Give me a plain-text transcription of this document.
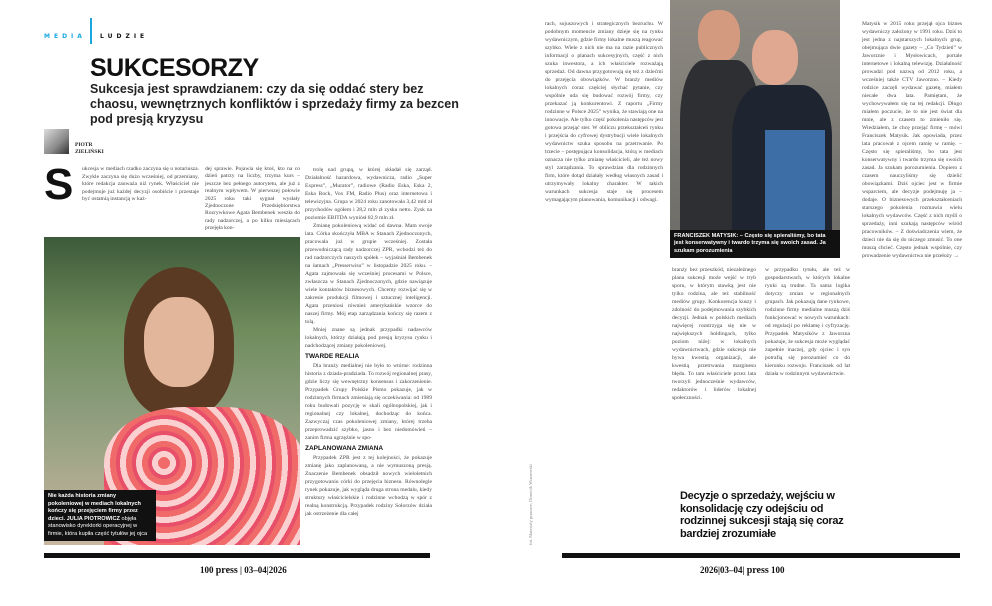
MEDIA LUDZIE
SUKCESORZY
Sukcesja jest sprawdzianem: czy da się oddać stery bez chaosu, wewnętrznych konfliktów i sprzedaży firmy za bezcen pod presją kryzysu
PIOTR
ZIELIŃSKI
S	ukcesja w mediach rzadko zaczyna się u notariusza. Zwykle zaczyna się dużo wcześniej, od przemiany, które redakcja zauważa niż rynek. Właściciel nie podejmuje już każdej decyzji osobiście i przestaje być ostatnią instancją w każ-
dej sprawie. Pojawia się ktoś, kto na co dzień patrzy na liczby, trzyma kurs – jeszcze bez pełnego autorytetu, ale już z realnym wpływem. W pierwszej połowie 2025 roku taki sygnał wysłały Zjednoczone Przedsiębiorstwa Rozrywkowe Agata Bembenek weszła do rady nadzorczej, a po kilku miesiącach przejęła kon-
Nie każda historia zmiany pokoleniowej w mediach lokalnych kończy się przejęciem firmy przez dzieci. JULIA PIOTROWICZ objęła stanowisko dyrektorki operacyjnej w firmie, która kupiła część tytułów jej ojca

trolę nad grupą, w której składał się zarząd. Działalność hazardowa, wydawnicza, radio „Super Express”, „Murator”, radiowe (Radio Eska, Eska 2, Eska Rock, Vox FM, Radio Plus) oraz internetowa i telewizyjna. Grupa w 2024 roku zanotowała 3,42 mld zł przychodów ogółem i 28,2 mln zł zysku netto. Zysk na poziomie EBITDA wyniósł 82,9 mln zł.

Zmianę pokoleniową widać od dawna. Mam swoje lata. Córka skończyła MBA w Stanach Zjednoczonych, pracowała już w grupie wcześniej. Została przewodniczącą rady nadzorczej ZPR, wchodzi też do rad nadzorczych naszych spółek – wyjaśniał Bembenek na łamach „Presserwisu” w listopadzie 2025 roku. – Agata zajmowała się wcześniej procesami w Polsce, zwłaszcza w Stanach Zjednoczonych, gdzie nawiązuje wiele kontaktów biznesowych. Chcemy rozwijać się w zakresie produkcji filmowej i sztucznej inteligencji. Agata przeniosi również amerykańskie wzorce do naszej firmy. Mój etap zarządzania kończy się razem z tolą.

Mniej znane są jednak przypadki nadawców lokalnych, którzy działają pod presją kryzysu rynku i nadchodzącej zmiany pokoleniowej.

TWARDE REALIA

Dla branży medialnej nie było to wtórne: rodzinna historia z dziada-pradziada. To rozwój regionalnej prasy, gdzie liczy się wewnętrzny konsensus i zakorzenienie. Przypadek Grupy Polskie Pismo pokazuje, jak w rodzinnych firmach zmieniają się oczekiwania: od 1989 roku budowali pozycję w skali ogólnopolskiej, jak i regionalnej czy lokalnej, dochodząc do końca. Zazwyczaj czas pokoleniowej zmiany, której trzeba przeprowadzić szybko, jasno i bez niedomówień – zanim firma ugrzęźnie w spo-

ZAPLANOWANA ZMIANA

Przypadek ZPR jest z tej kolejności, że pokazuje zmianę jako zaplanowaną, a nie wymuszoną presją. Znaczenie Bembenek obsadził nowych wieloletnich przygotowaniu córki do przejęcia biznesu. Równolegle rynek pokazuje, jak wygląda druga strona medalu, kiedy struktury właścicielskie i rodzinne wchodzą w spór z realną konstrukcją. Przypadek rodziny Sołorzów działa jak ostrzeżenie dla całej	fot. Materiały prasowe, Dominik Wiatrowski
100 press | 03–04|2026
rach, sojuszowych i strategicznych bezruchu. W podobnym momencie zmiany dzieje się na rynku wydawniczym, gdzie firmy lokalne muszą reagować szybko. Wiele z nich nie ma na razie publicznych informacji o planach sukcesyjnych, część z nich szuka inwestora, a ich właściciele rozważają sprzedaż. Od dawna przygotowują się też z dziećmi do przejęcia obowiązków. W branży mediów lokalnych coraz częściej słychać pytanie, czy wspólnie uda się budować rozwój firmy, czy przekazać ją konkurentowi. Z raportu „Firmy rodzinne w Polsce 2025” wynika, że stawiają one na innowacje. Ale tylko część pokolenia następców jest gotowa przejąć ster. W obliczu przekształceń rynku i przejścia do cyfrowej dystrybucji wiele lokalnych wydawnictw szuka sposobu na przetrwanie. Po trzecie – postępująca konsolidacja, którą w mediach oznacza nie tylko zmianę właścicieli, ale też nowy styl zarządzania. To sprawdzian dla rodzinnych firm, które dotąd działały według własnych zasad i utrzymywały lokalny charakter. W takich warunkach sukcesja staje się procesem wymagającym planowania, komunikacji i odwagi.
FRANCISZEK MATYSIK: – Często się spieraliśmy, bo tata jest konserwatywny i twardo trzyma się swoich zasad. Ja szukam porozumienia
branży bez przeszkód, niezależnego planu sukcesji może wejść w tryb sporu, w którym stawką jest nie tylko rodzina, ale też stabilność mediów grupy. Konkurencja kuszy i zdolność do podejmowania szybkich decyzji. Jednak w polskich mediach najwięcej rozstrzyga się nie w największych holdingach, tylko poziom niżej: w lokalnych wydawnictwach, gdzie sukcesja nie bywa kwestią organizacji, ale kwestią przetrwania marginesu błędu. To tam właściciele przez lata tworzyli jednocześnie wydawców, redaktorów i liderów lokalnej społeczności.
w przypadku tytułu, ale też w gospodarstwach, w których lokalne rynki są trudne. Ta sama logika dotyczy zmian w regionalnych grupach. Jak pokazują dane rynkowe, rodzinne firmy medialne muszą dziś funkcjonować w nowych warunkach: od regulacji po reklamę i cyfryzację. Przypadek Matysików z Jaworzna pokazuje, że sukcesja może wyglądać zupełnie inaczej, gdy ojciec i syn potrafią się porozumieć co do kierunku rozwoju. Franciszek od lat działa w rodzinnym wydawnictwie.
Decyzje o sprzedaży, wejściu w konsolidację czy odejściu od rodzinnej sukcesji stają się coraz bardziej zrozumiałe
Matysik w 2015 roku przejął ojca biznes wydawniczy założony w 1991 roku. Dziś to jest jedna z najstarszych lokalnych grup, obejmująca dwie gazety – „Co Tydzień” w Jaworznie i Mysłowicach, portale internetowe i lokalną telewizję. Działalność prowadzi pod nazwą od 2012 roku, a wcześniej także CTV Jaworzno. – Kiedy rodzice zaczęli wydawać gazetę, miałem niecałe dwa lata. Pamiętam, że wychowywałem się na tej redakcji. Długo miałem poczucie, że to nie jest świat dla mnie, ale z czasem to zmieniło się. Wiedziałem, że chcę przejąć firmę – mówi Franciszek Matysik. Jak opowiada, przez lata pracował z ojcem ramię w ramię. – Często się spieraliśmy, bo tata jest konserwatywny i twardo trzyma się swoich zasad. Ja szukam porozumienia. Dopiero z czasem nauczyliśmy się dzielić obowiązkami. Dziś ojciec jest w firmie wsparciem, ale decyzje podejmuję ja – dodaje. O biznesowych przekształceniach starszego pokolenia rozmawia wielu lokalnych wydawców. Część z nich myśli o sprzedaży, inni szukają następców wśród pracowników. – Z doświadczenia wiem, że dzieci nie da się do niczego zmusić. To one muszą chcieć. Często jednak wspólnie, czy prowadzenie wydawnictwa nie przełoży →
2026|03–04| press 100
